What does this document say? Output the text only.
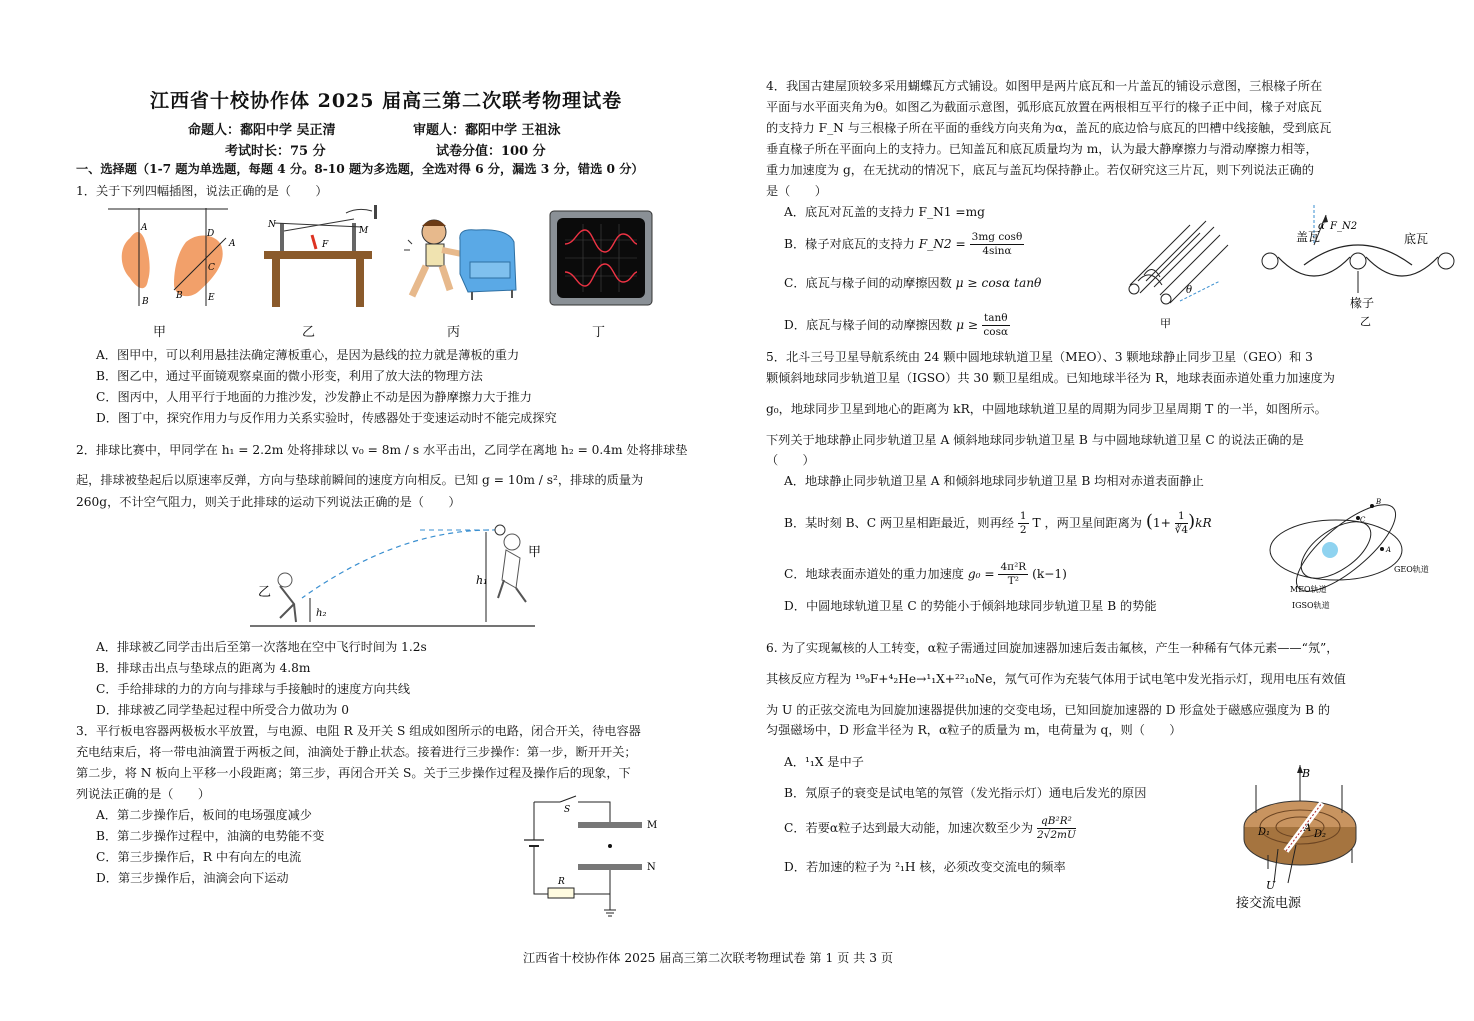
江西省十校协作体 2025 届高三第二次联考物理试卷
命题人：鄱阳中学 吴正清	审题人：鄱阳中学 王祖泳
考试时长：75 分	试卷分值：100 分
一、选择题（1-7 题为单选题，每题 4 分。8-10 题为多选题，全选对得 6 分，漏选 3 分，错选 0 分）
1．关于下列四幅插图，说法正确的是（　　）
A
B
D
A
C
B	E
N
M
F
甲	乙	丙	丁
A．图甲中，可以利用悬挂法确定薄板重心，是因为悬线的拉力就是薄板的重力
B．图乙中，通过平面镜观察桌面的微小形变，利用了放大法的物理方法
C．图丙中，人用平行于地面的力推沙发，沙发静止不动是因为静摩擦力大于推力
D．图丁中，探究作用力与反作用力关系实验时，传感器处于变速运动时不能完成探究
2．排球比赛中，甲同学在 h₁ = 2.2m 处将排球以 v₀ = 8m / s 水平击出，乙同学在离地 h₂ = 0.4m 处将排球垫
起，排球被垫起后以原速率反弹，方向与垫球前瞬间的速度方向相反。已知 g = 10m / s²，排球的质量为
260g，不计空气阻力，则关于此排球的运动下列说法正确的是（　　）
乙
甲
h₁
h₂
A．排球被乙同学击出后至第一次落地在空中飞行时间为 1.2s
B．排球击出点与垫球点的距离为 4.8m
C．手给排球的力的方向与排球与手接触时的速度方向共线
D．排球被乙同学垫起过程中所受合力做功为 0
3．平行板电容器两极板水平放置，与电源、电阻 R 及开关 S 组成如图所示的电路，闭合开关，待电容器
充电结束后，将一带电油滴置于两板之间，油滴处于静止状态。接着进行三步操作：第一步，断开开关；
第二步，将 N 板向上平移一小段距离；第三步，再闭合开关 S。关于三步操作过程及操作后的现象，下
列说法正确的是（　　）
A．第二步操作后，板间的电场强度减少
B．第二步操作过程中，油滴的电势能不变
C．第三步操作后，R 中有向左的电流
D．第三步操作后，油滴会向下运动
S
M
N
R
4．我国古建屋顶较多采用蝴蝶瓦方式铺设。如图甲是两片底瓦和一片盖瓦的铺设示意图，三根椽子所在
平面与水平面夹角为θ。如图乙为截面示意图，弧形底瓦放置在两根相互平行的椽子正中间，椽子对底瓦
的支持力 F_N 与三根椽子所在平面的垂线方向夹角为α，盖瓦的底边恰与底瓦的凹槽中线接触，受到底瓦
垂直椽子所在平面向上的支持力。已知盖瓦和底瓦质量均为 m，认为最大静摩擦力与滑动摩擦力相等，
重力加速度为 g，在无扰动的情况下，底瓦与盖瓦均保持静止。若仅研究这三片瓦，则下列说法正确的
是（　　）
A．底瓦对瓦盖的支持力 F_N1 =mg
B．椽子对底瓦的支持力 F_N2 = $\frac{\text{3mg cosθ}}{4\sin\alpha}$
C．底瓦与椽子间的动摩擦因数 μ ≥ cosα tanθ
D．底瓦与椽子间的动摩擦因数 $\mu \ge \frac{\tan\theta}{\cos\alpha}$
θ
甲
α F_N2
盖瓦	底瓦
椽子
乙
5．北斗三号卫星导航系统由 24 颗中圆地球轨道卫星（MEO）、3 颗地球静止同步卫星（GEO）和 3
颗倾斜地球同步轨道卫星（IGSO）共 30 颗卫星组成。已知地球半径为 R，地球表面赤道处重力加速度为
g₀，地球同步卫星到地心的距离为 kR，中圆地球轨道卫星的周期为同步卫星周期 T 的一半，如图所示。
下列关于地球静止同步轨道卫星 A 倾斜地球同步轨道卫星 B 与中圆地球轨道卫星 C 的说法正确的是
（　　）
A．地球静止同步轨道卫星 A 和倾斜地球同步轨道卫星 B 均相对赤道表面静止
B．某时刻 B、C 两卫星相距最近，则再经 $\frac{1}{2}$ T ，两卫星间距离为 $(1+ \frac{1}{∛4} )kR$
C．地球表面赤道处的重力加速度 $g_0 = \frac{\text{4π²R}}{\text{T²}} (k-1)$
D．中圆地球轨道卫星 C 的势能小于倾斜地球同步轨道卫星 B 的势能
B
C
A
GEO轨道
MEO轨道
IGSO轨道
6. 为了实现氟核的人工转变，α粒子需通过回旋加速器加速后轰击氟核，产生一种稀有气体元素——“氖”，
其核反应方程为 ¹⁹₉F+⁴₂He→¹₁X+²²₁₀Ne，氖气可作为充装气体用于试电笔中发光指示灯，现用电压有效值
为 U 的正弦交流电为回旋加速器提供加速的交变电场，已知回旋加速器的 D 形盒处于磁感应强度为 B 的
匀强磁场中，D 形盒半径为 R，α粒子的质量为 m，电荷量为 q，则（　　）
A．¹₁X 是中子
B．氖原子的衰变是试电笔的氖管（发光指示灯）通电后发光的原因
C．若要α粒子达到最大动能，加速次数至少为 $\frac{\text{qB²R²}}{2√2mU}$
D．若加速的粒子为 ²₁H 核，必须改变交流电的频率
B
A
D₁	D₂
U
接交流电源
江西省十校协作体 2025 届高三第二次联考物理试卷 第 1 页 共 3 页
